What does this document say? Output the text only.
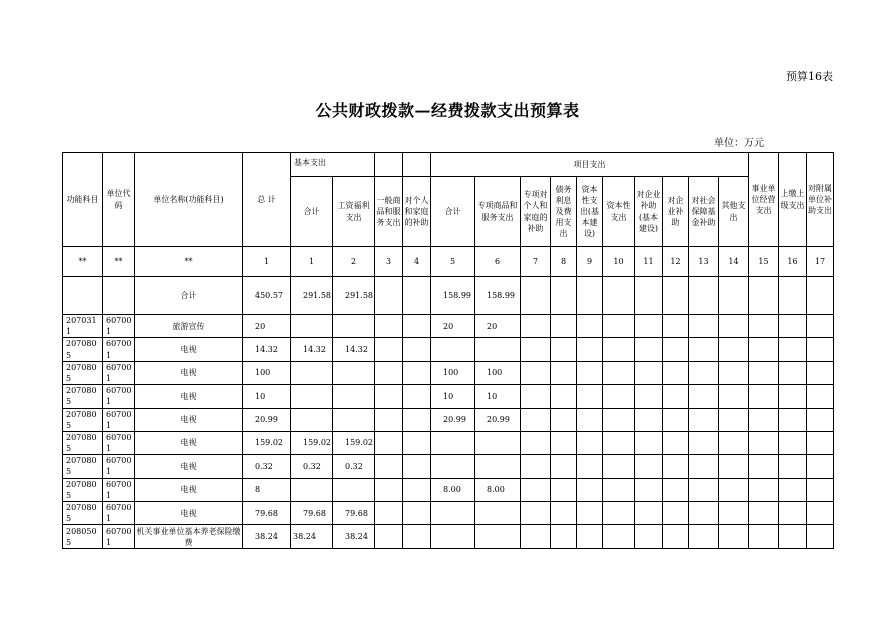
预算16表
公共财政拨款—经费拨款支出预算表
单位：万元
功能科目	单位代码	单位名称(功能科目)	总 计	基本支出				项目支出										事业单位经营支出	上缴上级支出	对附属单位补助支出
				合计	工资福利支出	一般商品和服务支出	对个人和家庭的补助	合计	专项商品和服务支出	专项对个人和家庭的补助	债务利息及费用支出	资本性支出(基本建设)	资本性支出	对企业补助(基本建设)	对企业补助	对社会保障基金补助	其他支出			
**	**	**	1	1	2	3	4	5	6	7	8	9	10	11	12	13	14	15	16	17
		合计	450.57	291.58	291.58			158.99	158.99											
2070311	607001	旅游宣传	20					20	20											
2070805	607001	电视	14.32	14.32	14.32															
2070805	607001	电视	100					100	100											
2070805	607001	电视	10					10	10											
2070805	607001	电视	20.99					20.99	20.99											
2070805	607001	电视	159.02	159.02	159.02															
2070805	607001	电视	0.32	0.32	0.32															
2070805	607001	电视	8					8.00	8.00											
2070805	607001	电视	79.68	79.68	79.68															
2080505	607001	机关事业单位基本养老保险缴费	38.24	38.24	38.24															
